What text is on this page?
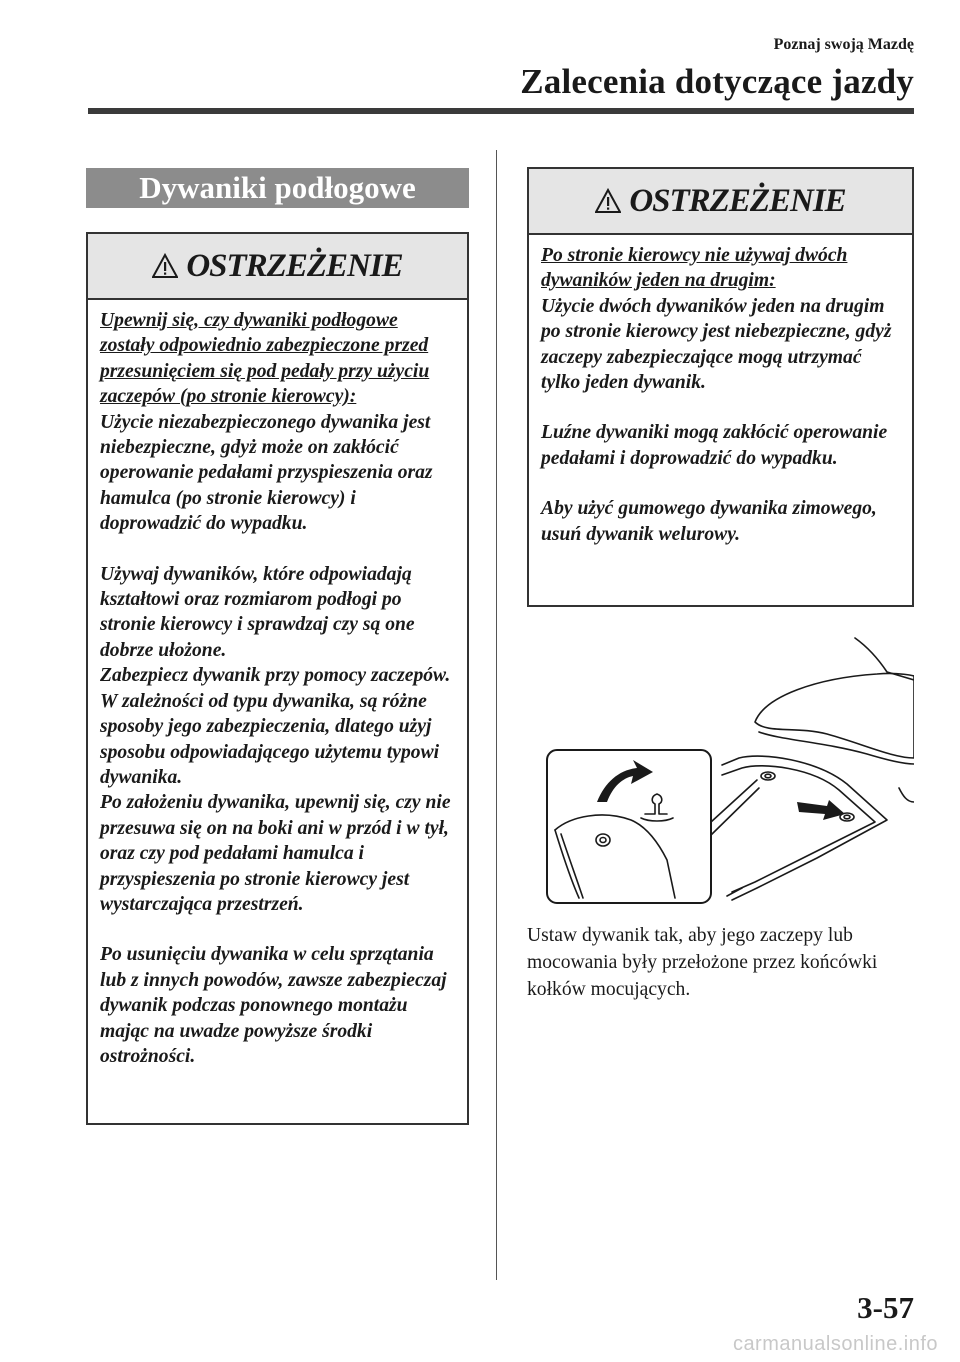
Poznaj swoją Mazdę
Zalecenia dotyczące jazdy
Dywaniki podłogowe
OSTRZEŻENIE

Upewnij się, czy dywaniki podłogowe zostały odpowiednio zabezpieczone przed przesunięciem się pod pedały przy użyciu zaczepów (po stronie kierowcy):

Użycie niezabezpieczonego dywanika jest niebezpieczne, gdyż może on zakłócić operowanie pedałami przyspieszenia oraz hamulca (po stronie kierowcy) i doprowadzić do wypadku.

Używaj dywaników, które odpowiadają kształtowi oraz rozmiarom podłogi po stronie kierowcy i sprawdzaj czy są one dobrze ułożone.

Zabezpiecz dywanik przy pomocy zaczepów.

W zależności od typu dywanika, są różne sposoby jego zabezpieczenia, dlatego użyj sposobu odpowiadającego użytemu typowi dywanika.

Po założeniu dywanika, upewnij się, czy nie przesuwa się on na boki ani w przód i w tył, oraz czy pod pedałami hamulca i przyspieszenia po stronie kierowcy jest wystarczająca przestrzeń.

Po usunięciu dywanika w celu sprzątania lub z innych powodów, zawsze zabezpieczaj dywanik podczas ponownego montażu mając na uwadze powyższe środki ostrożności.

OSTRZEŻENIE

Po stronie kierowcy nie używaj dwóch dywaników jeden na drugim:

Użycie dwóch dywaników jeden na drugim po stronie kierowcy jest niebezpieczne, gdyż zaczepy zabezpieczające mogą utrzymać tylko jeden dywanik.

Luźne dywaniki mogą zakłócić operowanie pedałami i doprowadzić do wypadku.

Aby użyć gumowego dywanika zimowego, usuń dywanik welurowy.

Ustaw dywanik tak, aby jego zaczepy lub mocowania były przełożone przez końcówki kołków mocujących.

3-57
carmanualsonline.info
